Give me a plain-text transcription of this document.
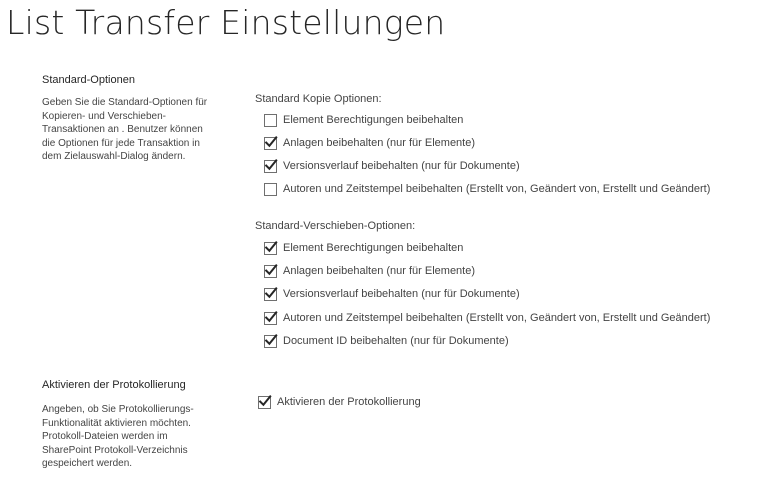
List Transfer Einstellungen
Standard-Optionen

Geben Sie die Standard-Optionen für Kopieren- und Verschieben-Transaktionen an . Benutzer können die Optionen für jede Transaktion in dem Zielauswahl-Dialog ändern.

Standard Kopie Optionen:
Element Berechtigungen beibehalten
Anlagen beibehalten (nur für Elemente)
Versionsverlauf beibehalten (nur für Dokumente)
Autoren und Zeitstempel beibehalten (Erstellt von, Geändert von, Erstellt und Geändert)
Standard-Verschieben-Optionen:
Element Berechtigungen beibehalten
Anlagen beibehalten (nur für Elemente)
Versionsverlauf beibehalten (nur für Dokumente)
Autoren und Zeitstempel beibehalten (Erstellt von, Geändert von, Erstellt und Geändert)
Document ID beibehalten (nur für Dokumente)
Aktivieren der Protokollierung

Angeben, ob Sie Protokollierungs-Funktionalität aktivieren möchten. Protokoll-Dateien werden im SharePoint Protokoll-Verzeichnis gespeichert werden.

Aktivieren der Protokollierung
